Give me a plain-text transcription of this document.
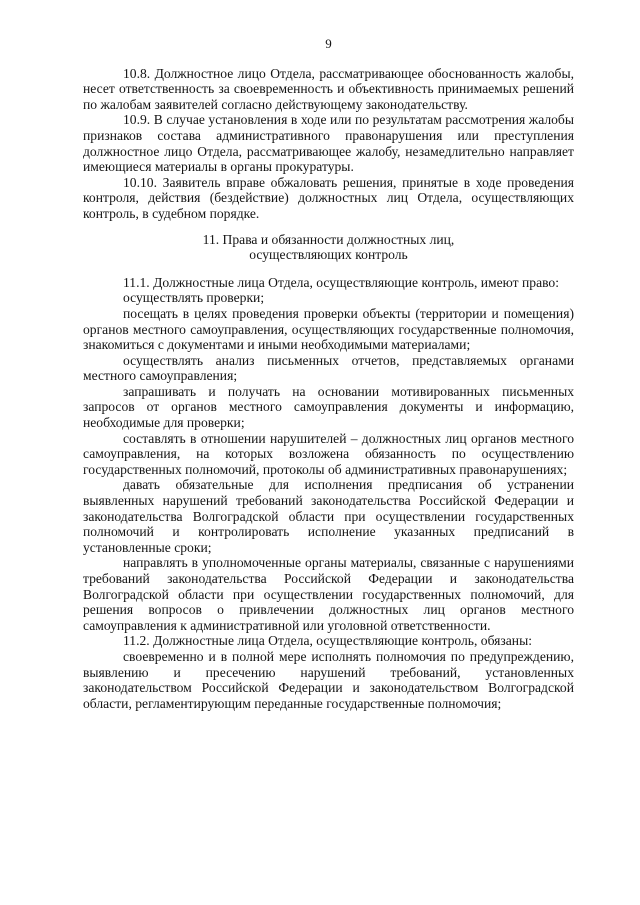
9

10.8. Должностное лицо Отдела, рассматривающее обоснованность жалобы, несет ответственность за своевременность и объективность принимаемых решений по жалобам заявителей согласно действующему законодательству.

10.9. В случае установления в ходе или по результатам рассмотрения жалобы признаков состава административного правонарушения или преступления должностное лицо Отдела, рассматривающее жалобу, незамедлительно направляет имеющиеся материалы в органы прокуратуры.

10.10. Заявитель вправе обжаловать решения, принятые в ходе проведения контроля, действия (бездействие) должностных лиц Отдела, осуществляющих контроль, в судебном порядке.

11. Права и обязанности должностных лиц,
осуществляющих контроль

11.1. Должностные лица Отдела, осуществляющие контроль, имеют право:

осуществлять проверки;

посещать в целях проведения проверки объекты (территории и помещения) органов местного самоуправления, осуществляющих государственные полномочия, знакомиться с документами и иными необходимыми материалами;

осуществлять анализ письменных отчетов, представляемых органами местного самоуправления;

запрашивать и получать на основании мотивированных письменных запросов от органов местного самоуправления документы и информацию, необходимые для проверки;

составлять в отношении нарушителей – должностных лиц органов местного самоуправления, на которых возложена обязанность по осуществлению государственных полномочий, протоколы об административных правонарушениях;

давать обязательные для исполнения предписания об устранении выявленных нарушений требований законодательства Российской Федерации и законодательства Волгоградской области при осуществлении государственных полномочий и контролировать исполнение указанных предписаний в установленные сроки;

направлять в уполномоченные органы материалы, связанные с нарушениями требований законодательства Российской Федерации и законодательства Волгоградской области при осуществлении государственных полномочий, для решения вопросов о привлечении должностных лиц органов местного самоуправления к административной или уголовной ответственности.

11.2. Должностные лица Отдела, осуществляющие контроль, обязаны:

своевременно и в полной мере исполнять полномочия по предупреждению, выявлению и пресечению нарушений требований, установленных законодательством Российской Федерации и законодательством Волгоградской области, регламентирующим переданные государственные полномочия;
